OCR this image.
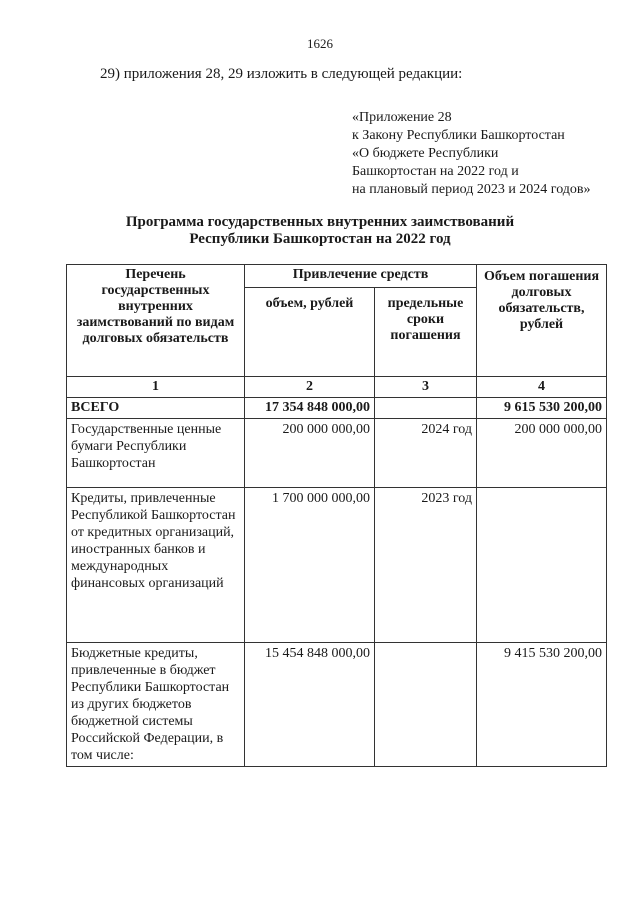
1626
29) приложения 28, 29 изложить в следующей редакции:
«Приложение 28
к Закону Республики Башкортостан
«О бюджете Республики
Башкортостан на 2022 год и
на плановый период 2023 и 2024 годов»
Программа государственных внутренних заимствований
Республики Башкортостан на 2022 год
Перечень государственных внутренних заимствований по видам долговых обязательств	Привлечение средств		Объем погашения долговых обязательств, рублей
	объем, рублей	предельные сроки погашения	
1	2	3	4
ВСЕГО	17 354 848 000,00		9 615 530 200,00
Государственные ценные бумаги Республики Башкортостан	200 000 000,00	2024 год	200 000 000,00
Кредиты, привлеченные Республикой Башкортостан от кредитных организаций, иностранных банков и международных финансовых организаций	1 700 000 000,00	2023 год	
Бюджетные кредиты, привлеченные в бюджет Республики Башкортостан из других бюджетов бюджетной системы Российской Федерации, в том числе:	15 454 848 000,00		9 415 530 200,00
